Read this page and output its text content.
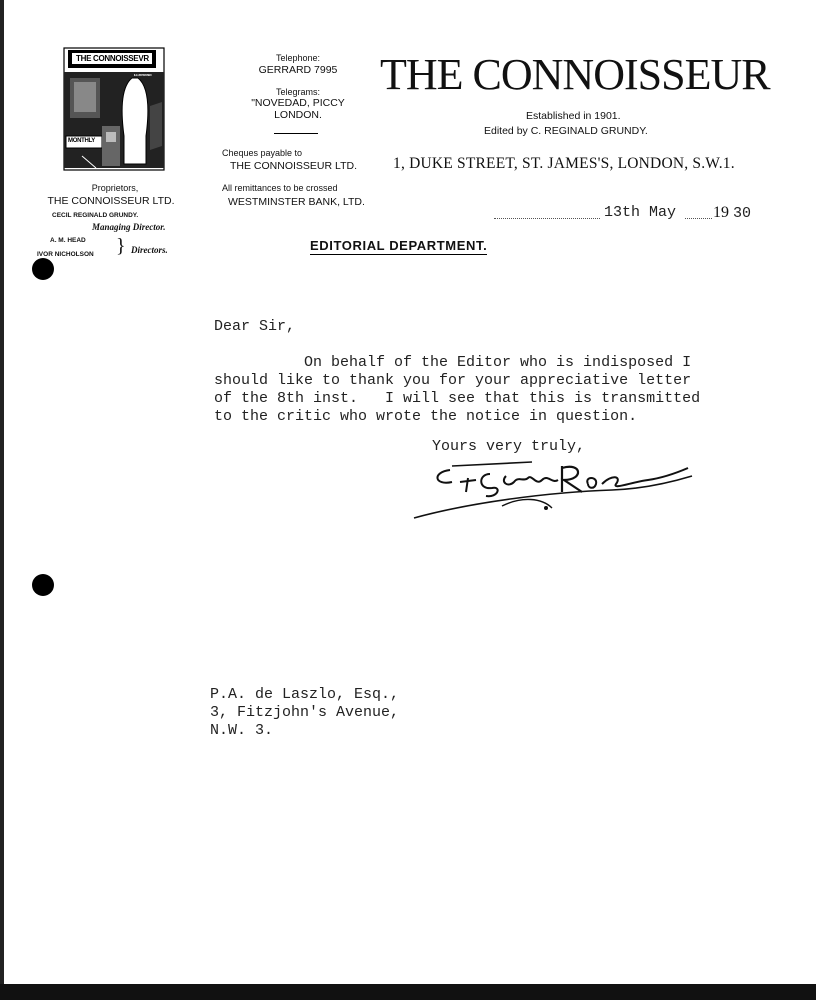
THE CONNOISSEVR
A MAGAZINE FOR COLLECTORS
ILLUSTRATED
MONTHLY
Proprietors,
THE CONNOISSEUR LTD.
CECIL REGINALD GRUNDY.
Managing Director.
A. M. HEAD
IVOR NICHOLSON } Directors.
Telephone:
GERRARD 7995
Telegrams:
"NOVEDAD, PICCY
LONDON.
Cheques payable to
THE CONNOISSEUR LTD.
All remittances to be crossed
WESTMINSTER BANK, LTD.
THE CONNOISSEUR
Established in 1901.
Edited by C. REGINALD GRUNDY.
1, DUKE STREET, ST. JAMES'S, LONDON, S.W.1.
13th May 19 30
EDITORIAL DEPARTMENT.
Dear Sir,
On behalf of the Editor who is indisposed I
should like to thank you for your appreciative letter
of the 8th inst.   I will see that this is transmitted
to the critic who wrote the notice in question.
Yours very truly,
P.A. de Laszlo, Esq.,
3, Fitzjohn's Avenue,
N.W. 3.
